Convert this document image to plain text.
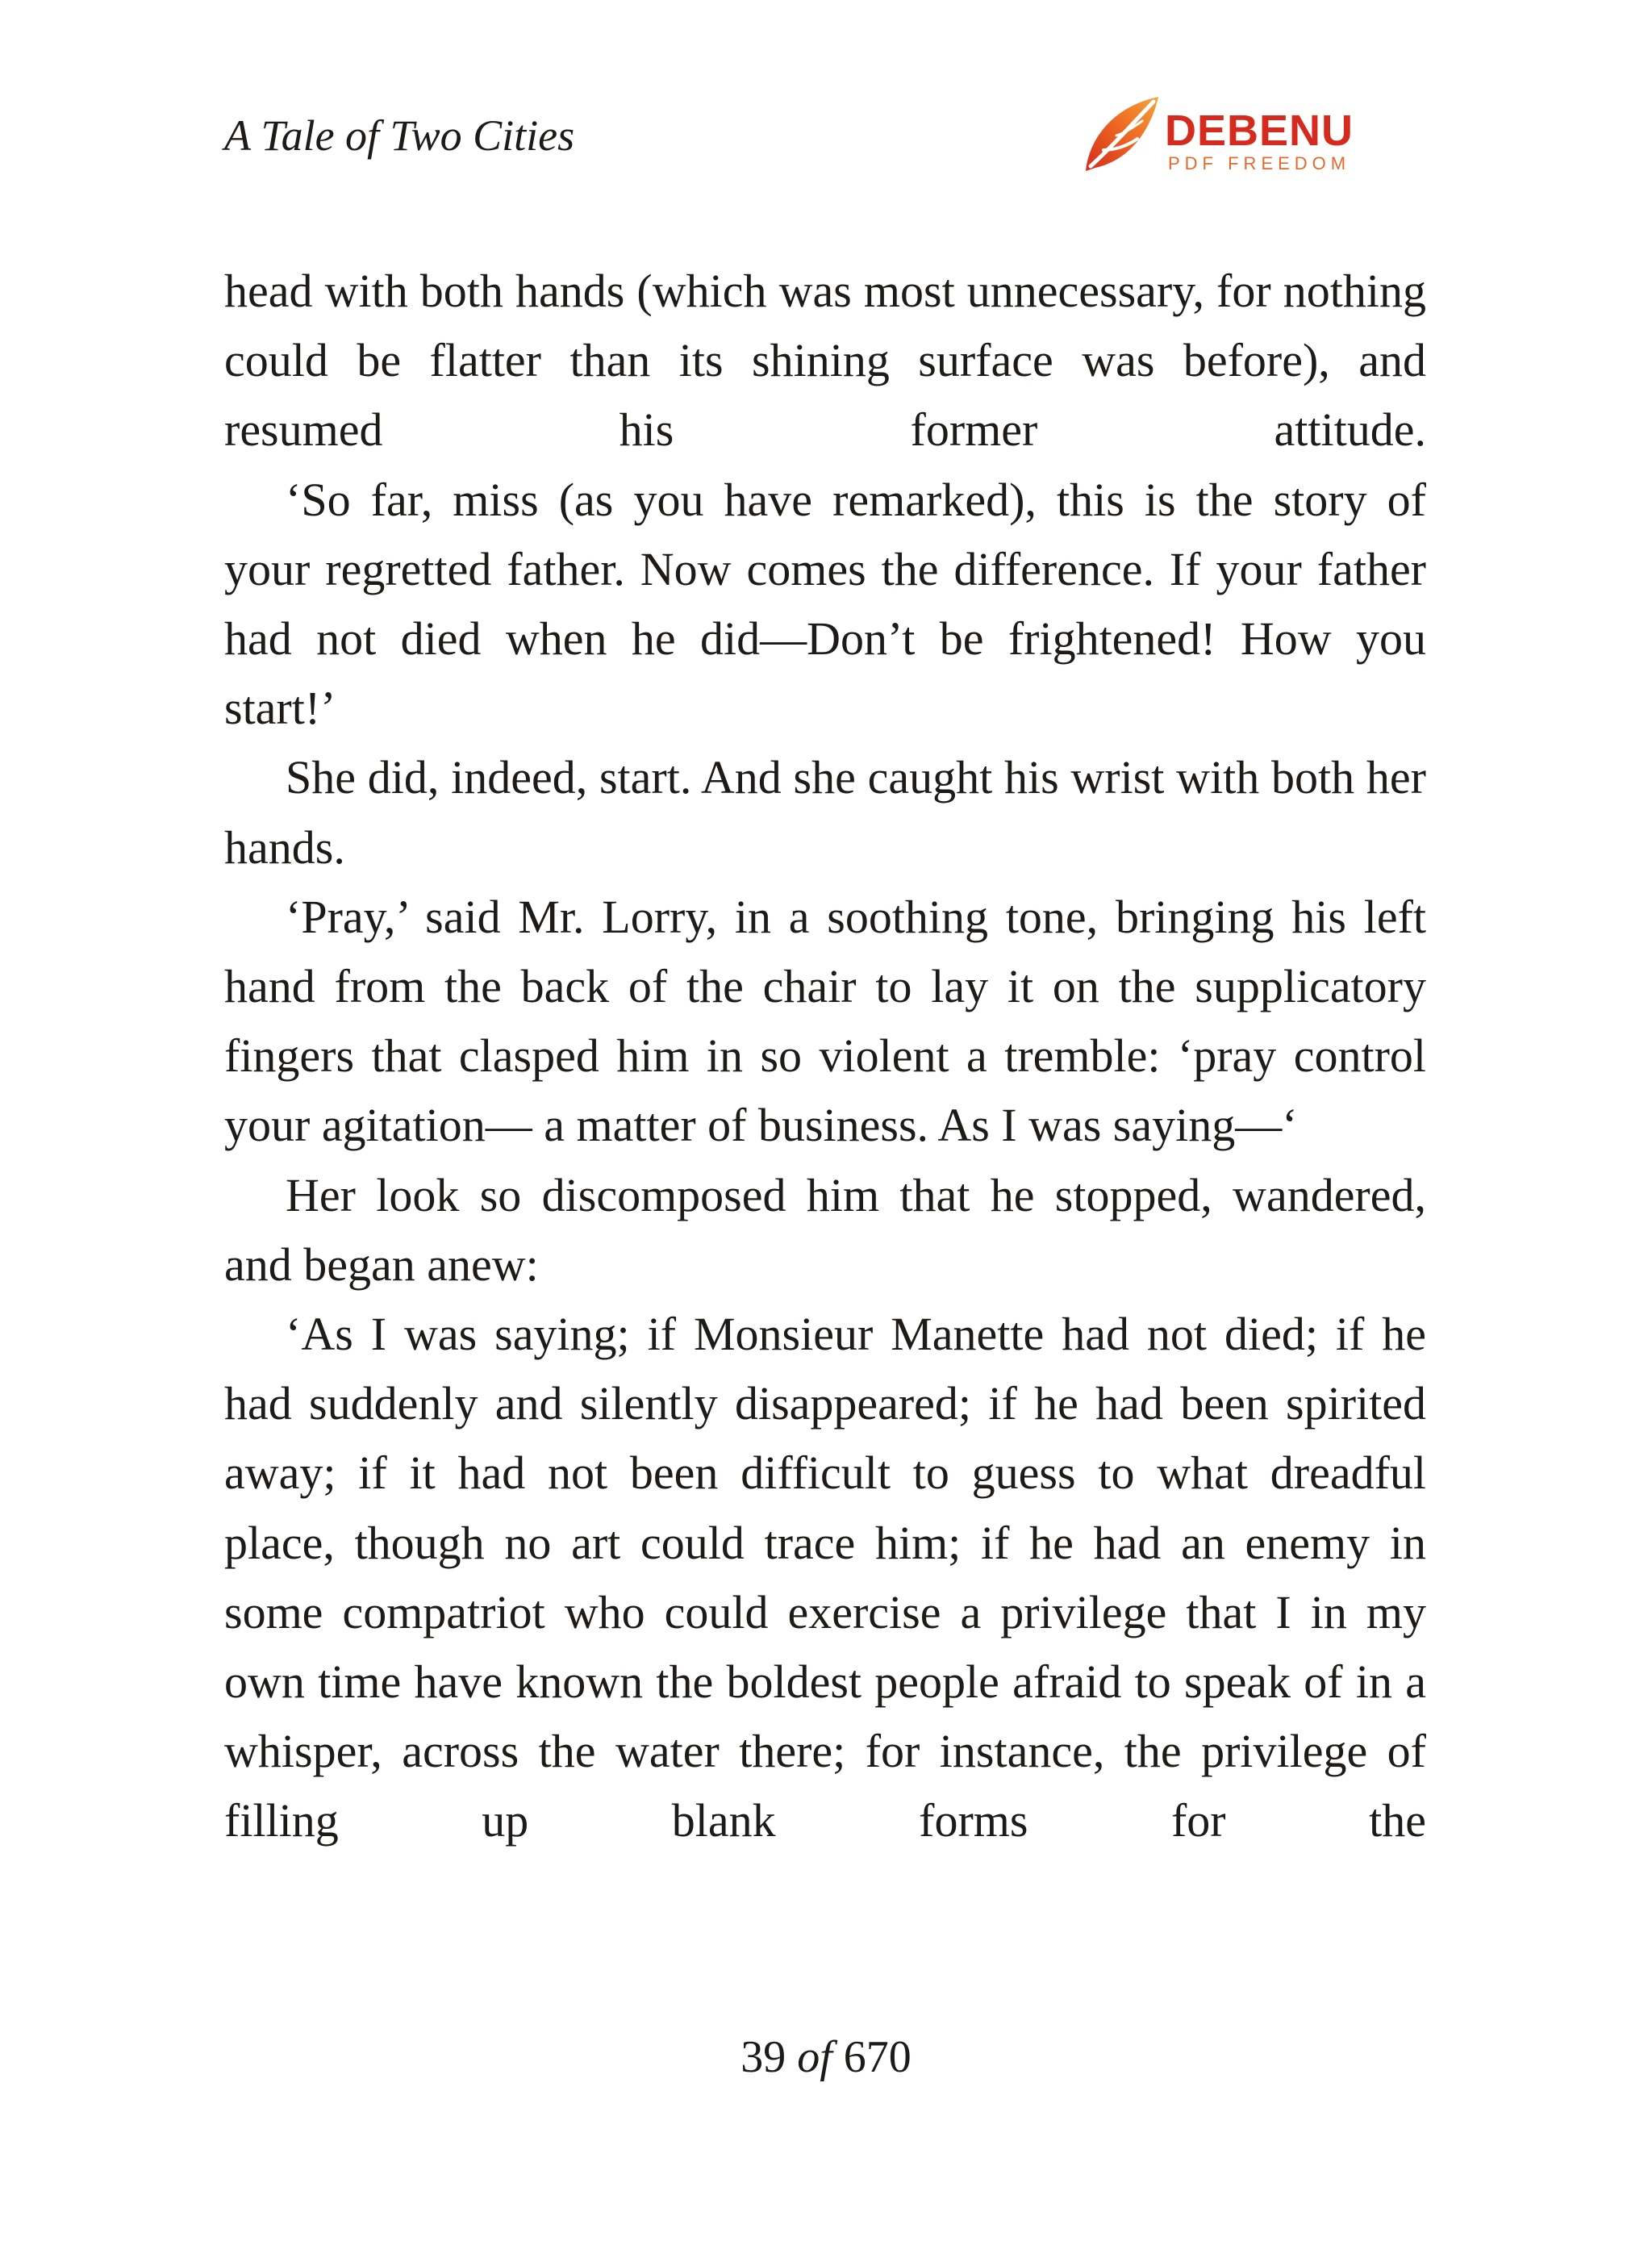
A Tale of Two Cities	DEBENU
PDF FREEDOM

head with both hands (which was most unnecessary, for nothing could be flatter than its shining surface was before), and resumed his former attitude.

‘So far, miss (as you have remarked), this is the story of your regretted father. Now comes the difference. If your father had not died when he did—Don’t be frightened! How you start!’

She did, indeed, start. And she caught his wrist with both her hands.

‘Pray,’ said Mr. Lorry, in a soothing tone, bringing his left hand from the back of the chair to lay it on the supplicatory fingers that clasped him in so violent a tremble: ‘pray control your agitation— a matter of business. As I was saying—‘

Her look so discomposed him that he stopped, wandered, and began anew:

‘As I was saying; if Monsieur Manette had not died; if he had suddenly and silently disappeared; if he had been spirited away; if it had not been difficult to guess to what dreadful place, though no art could trace him; if he had an enemy in some compatriot who could exercise a privilege that I in my own time have known the boldest people afraid to speak of in a whisper, across the water there; for instance, the privilege of filling up blank forms for the

39 of 670
